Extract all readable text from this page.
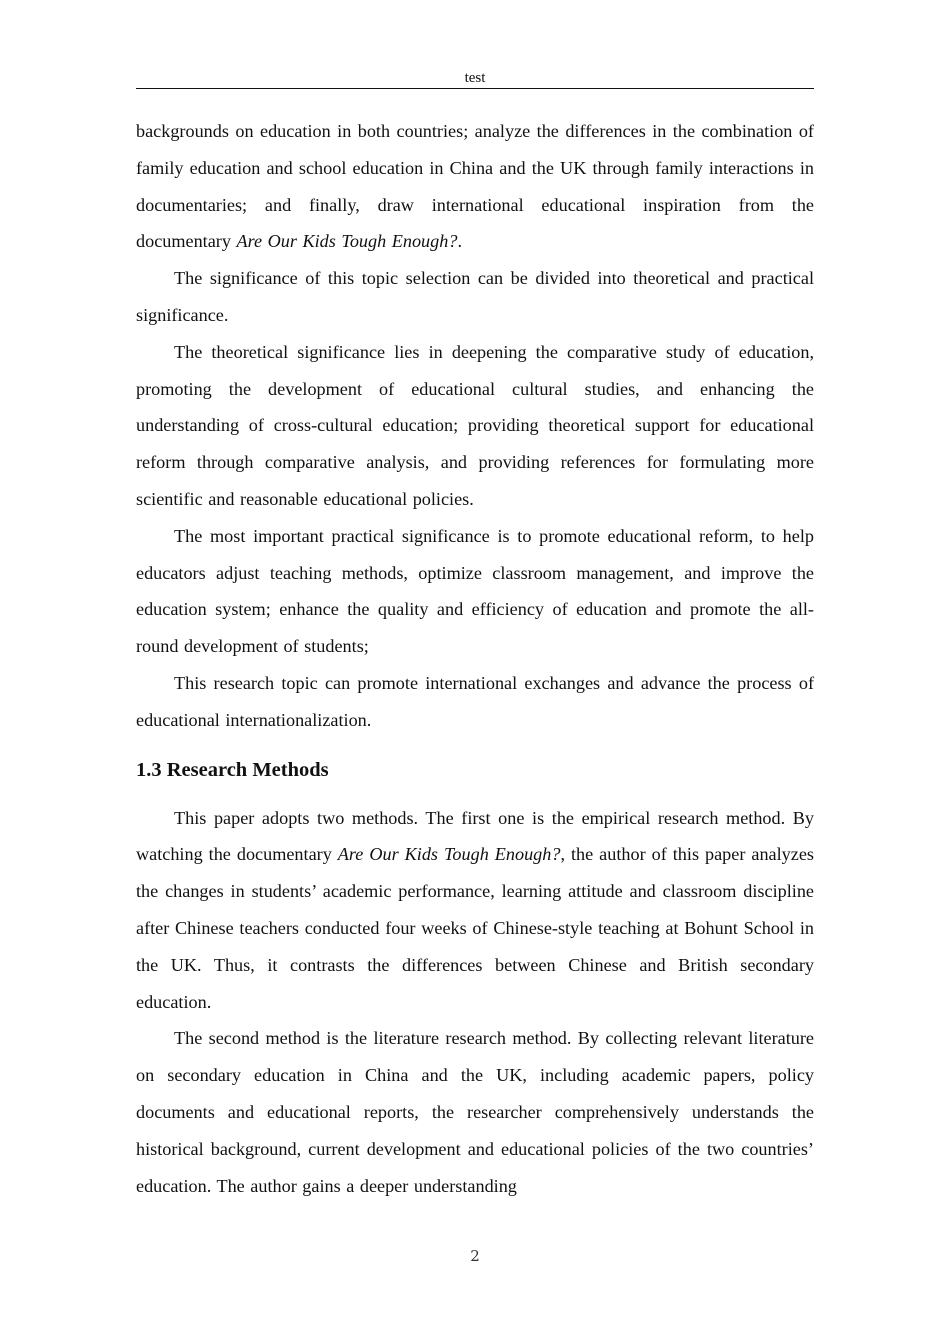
test

backgrounds on education in both countries; analyze the differences in the combination of family education and school education in China and the UK through family interactions in documentaries; and finally, draw international educational inspiration from the documentary Are Our Kids Tough Enough?.

The significance of this topic selection can be divided into theoretical and practical significance.

The theoretical significance lies in deepening the comparative study of education, promoting the development of educational cultural studies, and enhancing the understanding of cross-cultural education; providing theoretical support for educational reform through comparative analysis, and providing references for formulating more scientific and reasonable educational policies.

The most important practical significance is to promote educational reform, to help educators adjust teaching methods, optimize classroom management, and improve the education system; enhance the quality and efficiency of education and promote the all-round development of students;

This research topic can promote international exchanges and advance the process of educational internationalization.

1.3 Research Methods

This paper adopts two methods. The first one is the empirical research method. By watching the documentary Are Our Kids Tough Enough?, the author of this paper analyzes the changes in students’ academic performance, learning attitude and classroom discipline after Chinese teachers conducted four weeks of Chinese-style teaching at Bohunt School in the UK. Thus, it contrasts the differences between Chinese and British secondary education.

The second method is the literature research method. By collecting relevant literature on secondary education in China and the UK, including academic papers, policy documents and educational reports, the researcher comprehensively understands the historical background, current development and educational policies of the two countries’ education. The author gains a deeper understanding

2
